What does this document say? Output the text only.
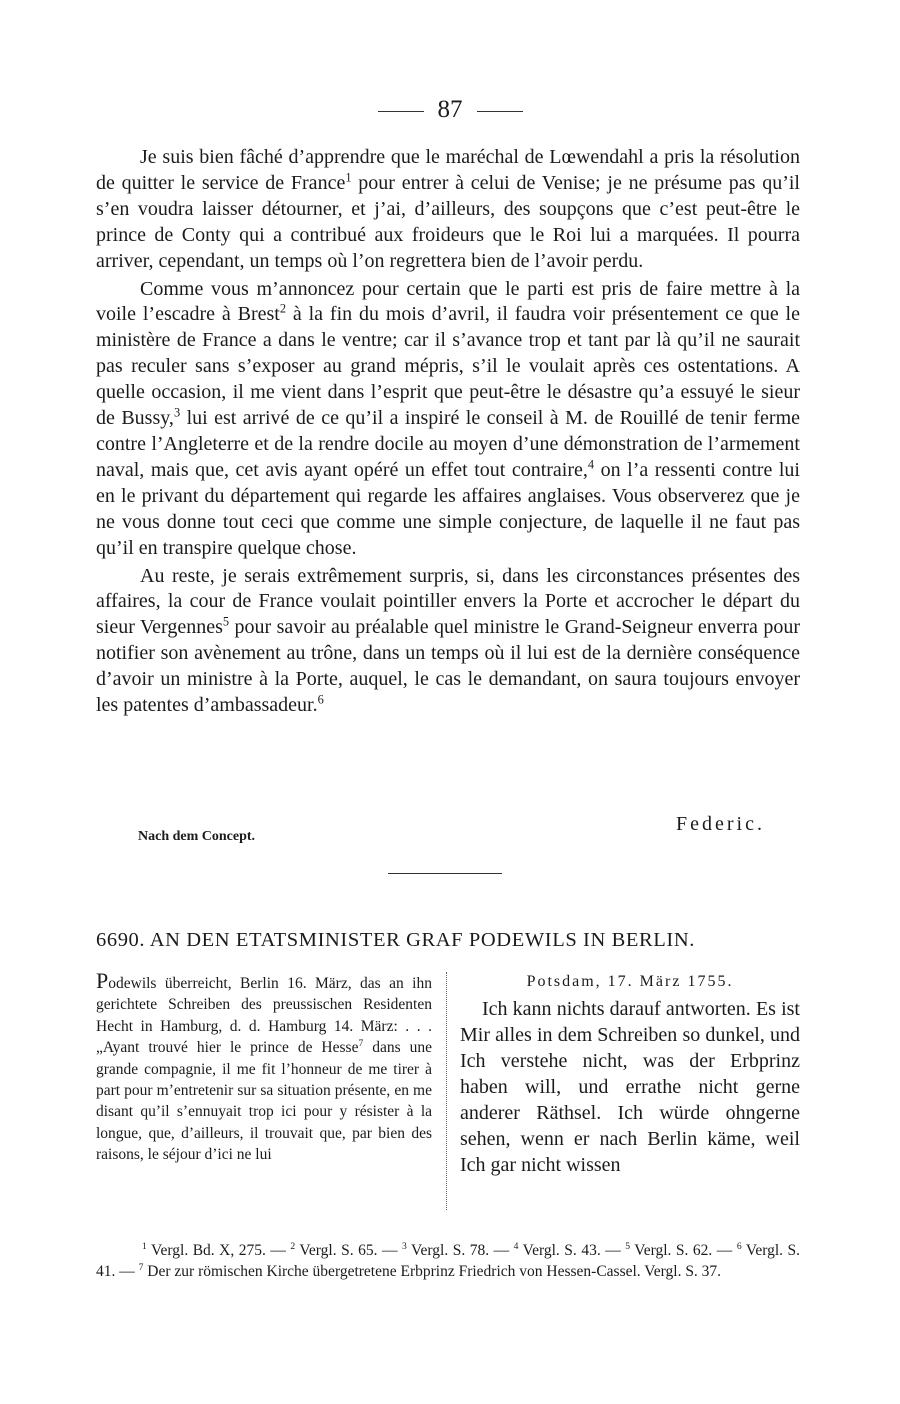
87

Je suis bien fâché d’apprendre que le maréchal de Lœwendahl a pris la résolution de quitter le service de France$^1$ pour entrer à celui de Venise; je ne présume pas qu’il s’en voudra laisser détourner, et j’ai, d’ailleurs, des soupçons que c’est peut-être le prince de Conty qui a contribué aux froideurs que le Roi lui a marquées. Il pourra arriver, cependant, un temps où l’on regrettera bien de l’avoir perdu.

Comme vous m’annoncez pour certain que le parti est pris de faire mettre à la voile l’escadre à Brest$^2$ à la fin du mois d’avril, il faudra voir présentement ce que le ministère de France a dans le ventre; car il s’avance trop et tant par là qu’il ne saurait pas reculer sans s’exposer au grand mépris, s’il le voulait après ces ostentations. A quelle occasion, il me vient dans l’esprit que peut-être le désastre qu’a essuyé le sieur de Bussy,$^3$ lui est arrivé de ce qu’il a inspiré le conseil à M. de Rouillé de tenir ferme contre l’Angleterre et de la rendre docile au moyen d’une démonstration de l’armement naval, mais que, cet avis ayant opéré un effet tout contraire,$^4$ on l’a ressenti contre lui en le privant du département qui regarde les affaires anglaises. Vous observerez que je ne vous donne tout ceci que comme une simple conjecture, de laquelle il ne faut pas qu’il en transpire quelque chose.

Au reste, je serais extrêmement surpris, si, dans les circonstances présentes des affaires, la cour de France voulait pointiller envers la Porte et accrocher le départ du sieur Vergennes$^5$ pour savoir au préalable quel ministre le Grand-Seigneur enverra pour notifier son avènement au trône, dans un temps où il lui est de la dernière conséquence d’avoir un ministre à la Porte, auquel, le cas le demandant, on saura toujours envoyer les patentes d’ambassadeur.$^6$

Federic.
Nach dem Concept.
6690. AN DEN ETATSMINISTER GRAF PODEWILS IN BERLIN.
Podewils überreicht, Berlin 16. März, das an ihn gerichtete Schreiben des preussischen Residenten Hecht in Hamburg, d. d. Hamburg 14. März: . . . „Ayant trouvé hier le prince de Hesse$^7$ dans une grande compagnie, il me fit l’honneur de me tirer à part pour m’entretenir sur sa situation présente, en me disant qu’il s’ennuyait trop ici pour y résister à la longue, que, d’ailleurs, il trouvait que, par bien des raisons, le séjour d’ici ne lui
Potsdam, 17. März 1755.
Ich kann nichts darauf antworten. Es ist Mir alles in dem Schreiben so dunkel, und Ich verstehe nicht, was der Erbprinz haben will, und errathe nicht gerne anderer Räthsel. Ich würde ohngerne sehen, wenn er nach Berlin käme, weil Ich gar nicht wissen

$^1$ Vergl. Bd. X, 275. — $^2$ Vergl. S. 65. — $^3$ Vergl. S. 78. — $^4$ Vergl. S. 43. — $^5$ Vergl. S. 62. — $^6$ Vergl. S. 41. — $^7$ Der zur römischen Kirche übergetretene Erbprinz Friedrich von Hessen-Cassel. Vergl. S. 37.
